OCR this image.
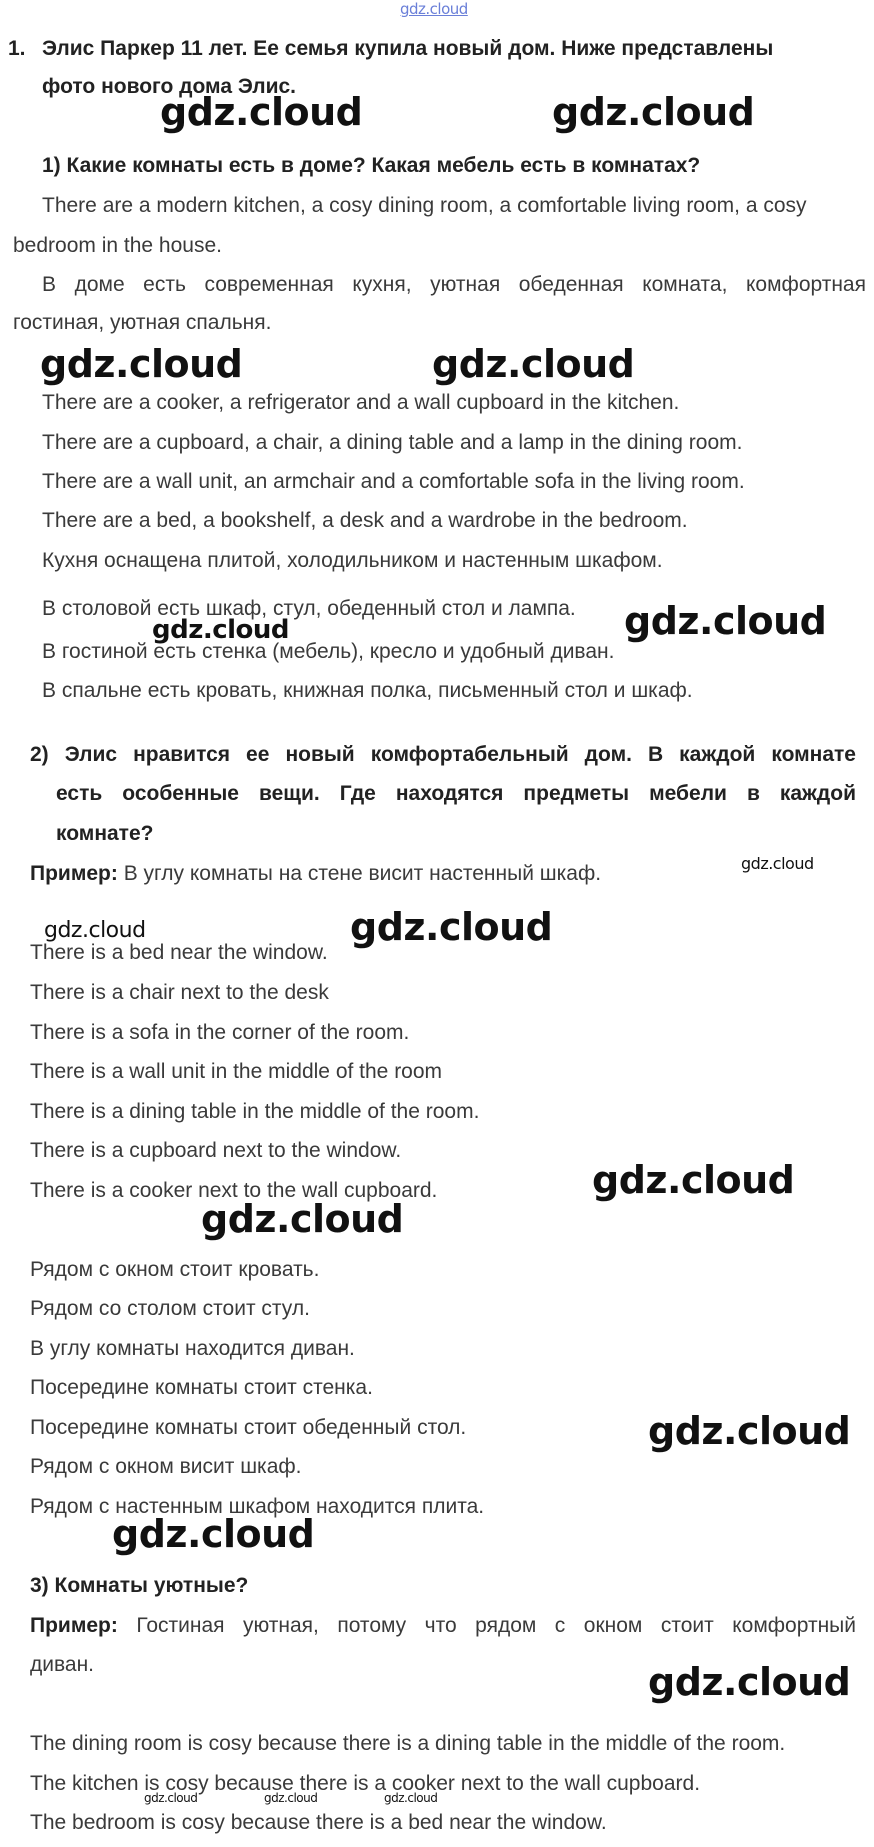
gdz.cloud
1. Элис Паркер 11 лет. Ее семья купила новый дом. Ниже представлены
фото нового дома Элис.
gdz.cloud	gdz.cloud
1) Какие комнаты есть в доме? Какая мебель есть в комнатах?
There are a modern kitchen, a cosy dining room, a comfortable living room, a cosy
bedroom in the house.
В доме есть современная кухня, уютная обеденная комната, комфортная
гостиная, уютная спальня.
gdz.cloud	gdz.cloud
There are a cooker, a refrigerator and a wall cupboard in the kitchen.
There are a cupboard, a chair, a dining table and a lamp in the dining room.
There are a wall unit, an armchair and a comfortable sofa in the living room.
There are a bed, a bookshelf, a desk and a wardrobe in the bedroom.
Кухня оснащена плитой, холодильником и настенным шкафом.
В столовой есть шкаф, стул, обеденный стол и лампа. gdz.cloud
gdz.cloud
В гостиной есть стенка (мебель), кресло и удобный диван.
В спальне есть кровать, книжная полка, письменный стол и шкаф.
2) Элис нравится ее новый комфортабельный дом. В каждой комнате
есть особенные вещи. Где находятся предметы мебели в каждой
комнате?
Пример: В углу комнаты на стене висит настенный шкаф.	gdz.cloud
gdz.cloud	gdz.cloud
There is a bed near the window.
There is a chair next to the desk
There is a sofa in the corner of the room.
There is a wall unit in the middle of the room
There is a dining table in the middle of the room.
There is a cupboard next to the window.
There is a cooker next to the wall cupboard.	gdz.cloud
gdz.cloud
Рядом с окном стоит кровать.
Рядом со столом стоит стул.
В углу комнаты находится диван.
Посередине комнаты стоит стенка.
Посередине комнаты стоит обеденный стол.
Рядом с окном висит шкаф.
Рядом с настенным шкафом находится плита.
gdz.cloud
gdz.cloud
3) Комнаты уютные?
Пример: Гостиная уютная, потому что рядом с окном стоит комфортный
диван.	gdz.cloud
The dining room is cosy because there is a dining table in the middle of the room.
The kitchen is cosy because there is a cooker next to the wall cupboard.
gdz.cloud	gdz.cloud	gdz.cloud
The bedroom is cosy because there is a bed near the window.
